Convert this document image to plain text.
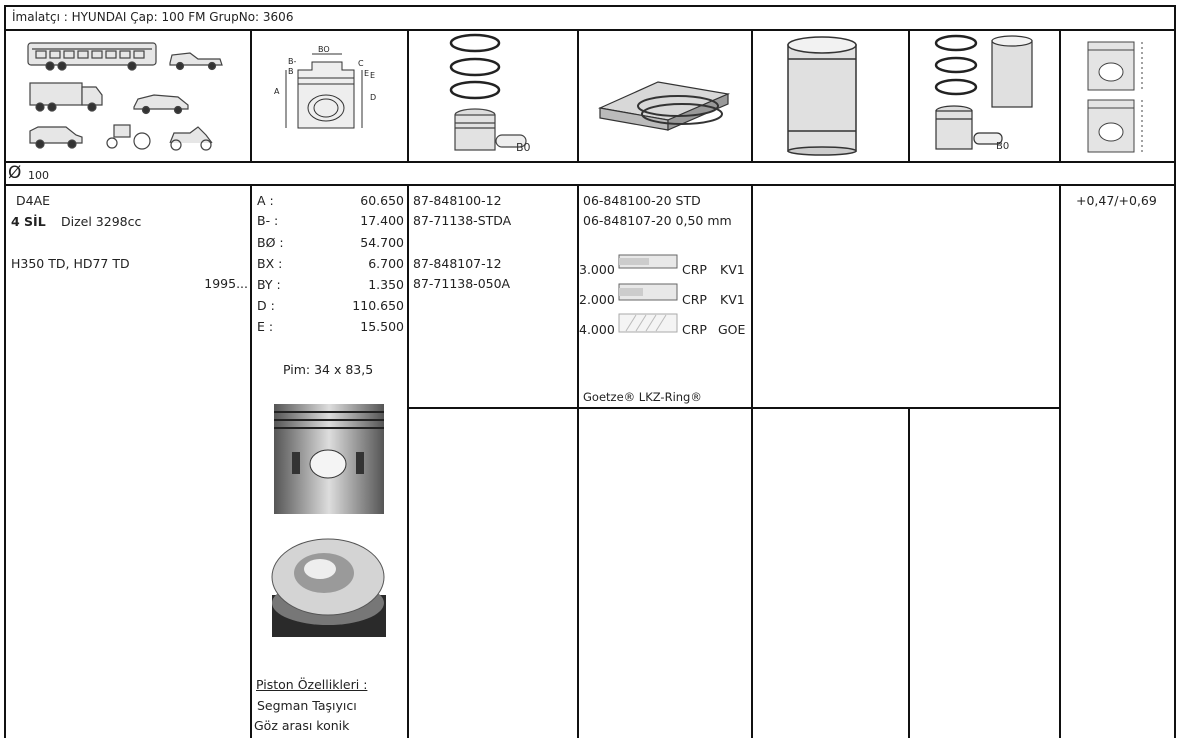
İmalatçı : HYUNDAI Çap: 100 FM GrupNo: 3606
BO
B-
B
A
C
E
D
E
B0	B0
Ø 100
D4AE
4 SİL Dizel 3298cc
H350 TD, HD77 TD
1995...
A :	60.650
B- :	17.400
BØ :	54.700
BX :	6.700
BY :	1.350
D :	110.650
E :	15.500
Pim: 34 x 83,5
Piston Özellikleri :
Segman Taşıyıcı
Göz arası konik
87-848100-12
87-71138-STDA
87-848107-12
87-71138-050A
06-848100-20 STD
06-848107-20 0,50 mm
3.000	CRP KV1
2.000	CRP KV1
4.000	CRP GOE
Goetze® LKZ-Ring®
+0,47/+0,69
